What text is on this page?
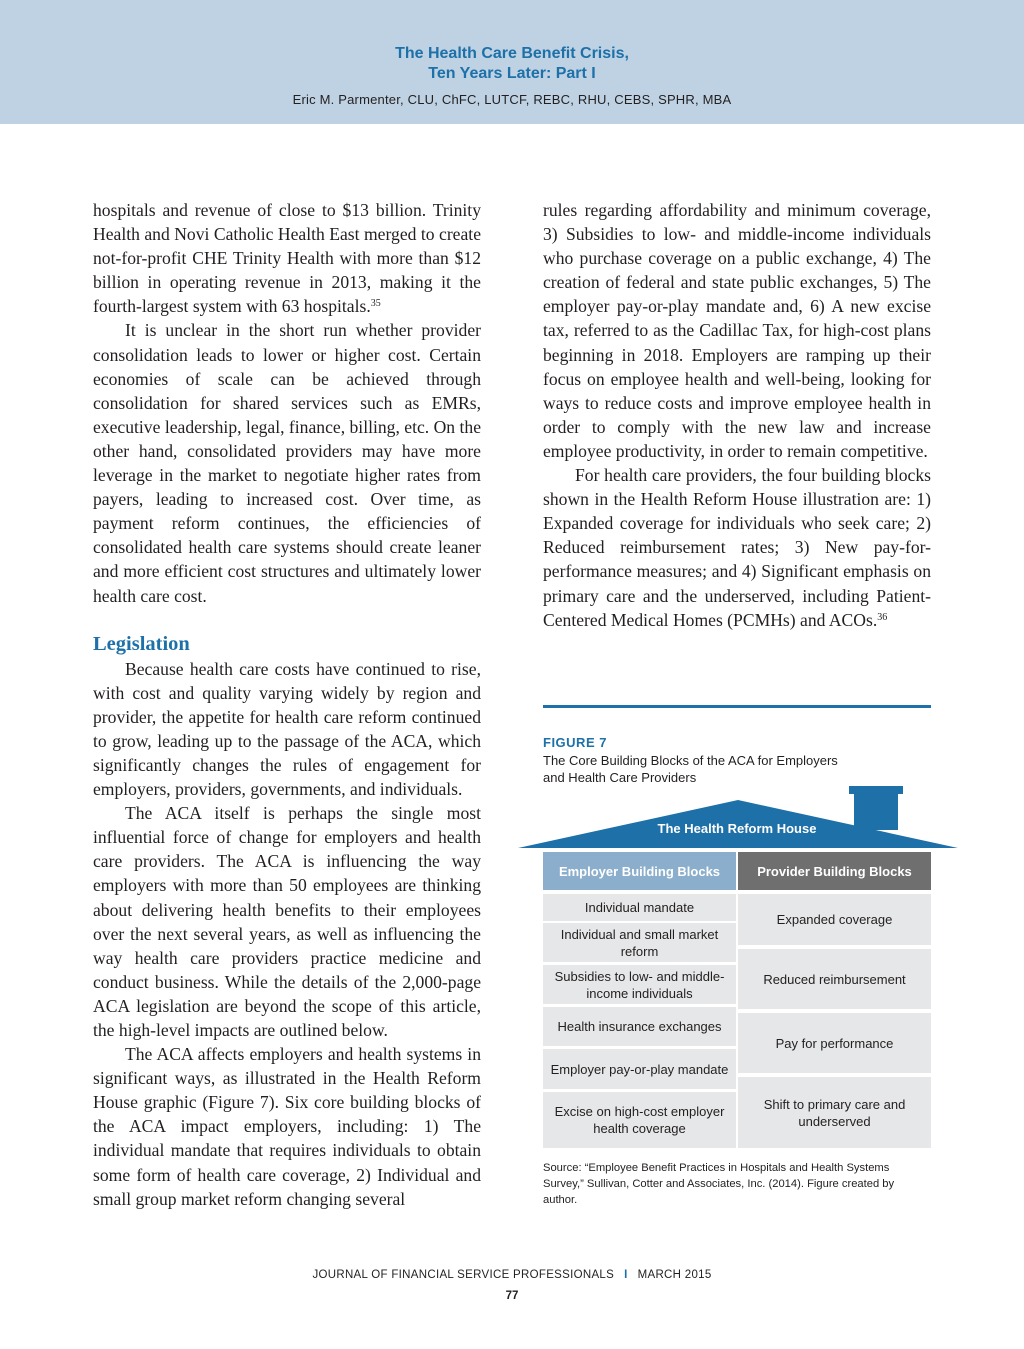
The Health Care Benefit Crisis,
Ten Years Later: Part I
Eric M. Parmenter, CLU, ChFC, LUTCF, REBC, RHU, CEBS, SPHR, MBA

hospitals and revenue of close to $13 billion. Trinity Health and Novi Catholic Health East merged to create not-for-profit CHE Trinity Health with more than $12 billion in operating revenue in 2013, making it the fourth-largest system with 63 hospitals.$^{35}$

It is unclear in the short run whether provider consolidation leads to lower or higher cost. Certain economies of scale can be achieved through consolidation for shared services such as EMRs, executive leadership, legal, finance, billing, etc. On the other hand, consolidated providers may have more leverage in the market to negotiate higher rates from payers, leading to increased cost. Over time, as payment reform continues, the efficiencies of consolidated health care systems should create leaner and more efficient cost structures and ultimately lower health care cost.

Legislation

Because health care costs have continued to rise, with cost and quality varying widely by region and provider, the appetite for health care reform continued to grow, leading up to the passage of the ACA, which significantly changes the rules of engagement for employers, providers, governments, and individuals.

The ACA itself is perhaps the single most influential force of change for employers and health care providers. The ACA is influencing the way employers with more than 50 employees are thinking about delivering health benefits to their employees over the next several years, as well as influencing the way health care providers practice medicine and conduct business. While the details of the 2,000-page ACA legislation are beyond the scope of this article, the high-level impacts are outlined below.

The ACA affects employers and health systems in significant ways, as illustrated in the Health Reform House graphic (Figure 7). Six core building blocks of the ACA impact employers, including: 1) The individual mandate that requires individuals to obtain some form of health care coverage, 2) Individual and small group market reform changing several

rules regarding affordability and minimum coverage, 3) Subsidies to low- and middle-income individuals who purchase coverage on a public exchange, 4) The creation of federal and state public exchanges, 5) The employer pay-or-play mandate and, 6) A new excise tax, referred to as the Cadillac Tax, for high-cost plans beginning in 2018. Employers are ramping up their focus on employee health and well-being, looking for ways to reduce costs and improve employee health in order to comply with the new law and increase employee productivity, in order to remain competitive.

For health care providers, the four building blocks shown in the Health Reform House illustration are: 1) Expanded coverage for individuals who seek care; 2) Reduced reimbursement rates; 3) New pay-for-performance measures; and 4) Significant emphasis on primary care and the underserved, including Patient-Centered Medical Homes (PCMHs) and ACOs.$^{36}$

FIGURE 7
The Core Building Blocks of the ACA for Employers and Health Care Providers
The Health Reform House
Employer Building Blocks	Provider Building Blocks
Individual mandate
Individual and small market reform
Subsidies to low- and middle-income individuals
Health insurance exchanges
Employer pay-or-play mandate
Excise on high-cost employer health coverage
Expanded coverage
Reduced reimbursement
Pay for performance
Shift to primary care and underserved
Source: “Employee Benefit Practices in Hospitals and Health Systems Survey,” Sullivan, Cotter and Associates, Inc. (2014). Figure created by author.
JOURNAL OF FINANCIAL SERVICE PROFESSIONALS I MARCH 2015
77
